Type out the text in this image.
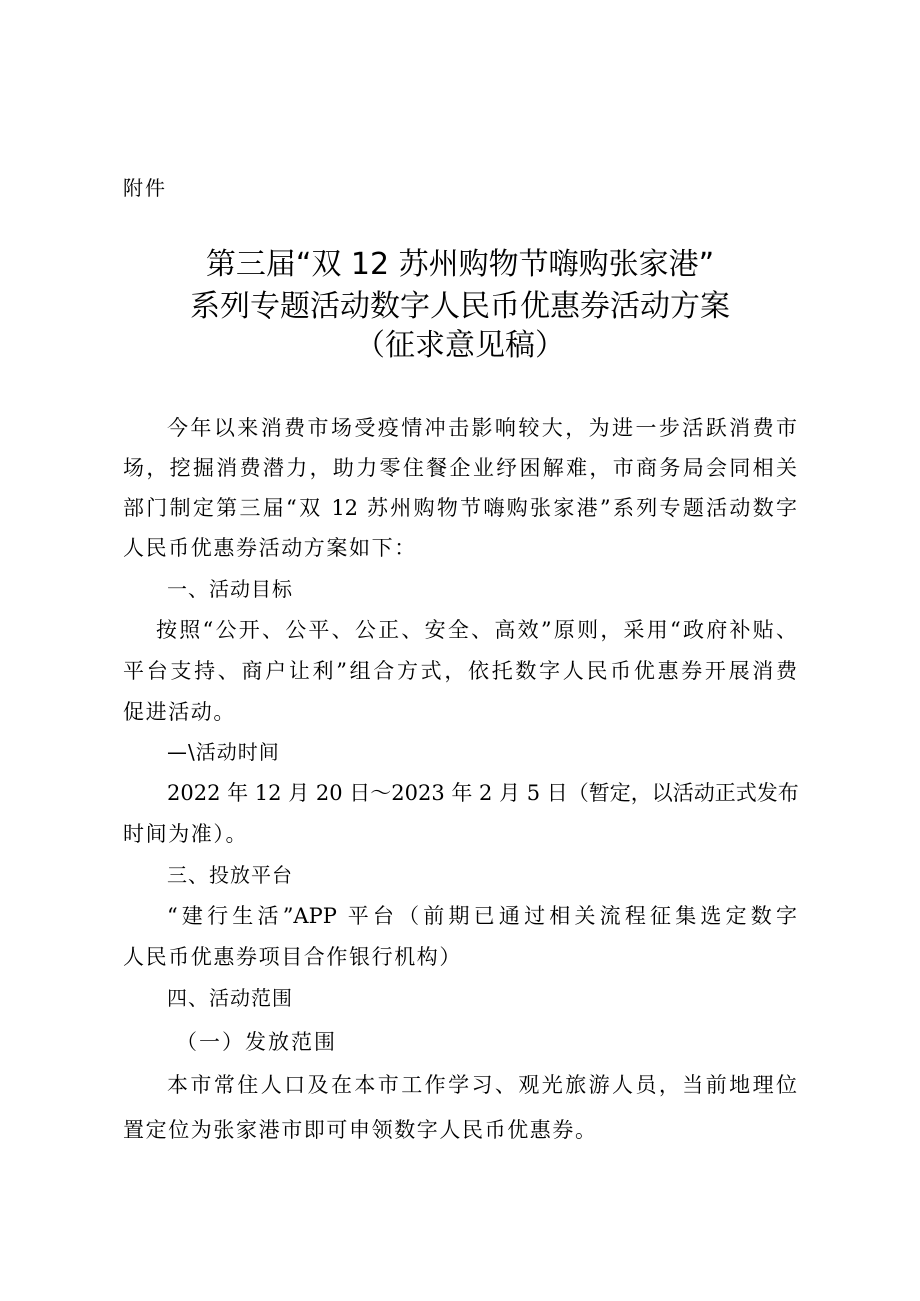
附件
第三届“双 12 苏州购物节嗨购张家港”
系列专题活动数字人民币优惠券活动方案
（征求意见稿）
今年以来消费市场受疫情冲击影响较大，为进一步活跃消费市
场，挖掘消费潜力，助力零住餐企业纾困解难，市商务局会同相关
部门制定第三届“双 12 苏州购物节嗨购张家港”系列专题活动数字
人民币优惠券活动方案如下：
一、活动目标
按照“公开、公平、公正、安全、高效”原则，采用“政府补贴、
平台支持、商户让利”组合方式，依托数字人民币优惠券开展消费
促进活动。
—\活动时间
2022 年 12 月 20 日～2023 年 2 月 5 日（暂定，以活动正式发布
时间为准）。
三、投放平台
“建行生活”APP 平台（前期已通过相关流程征集选定数字
人民币优惠券项目合作银行机构）
四、活动范围
（一）发放范围
本市常住人口及在本市工作学习、观光旅游人员，当前地理位
置定位为张家港市即可申领数字人民币优惠券。
